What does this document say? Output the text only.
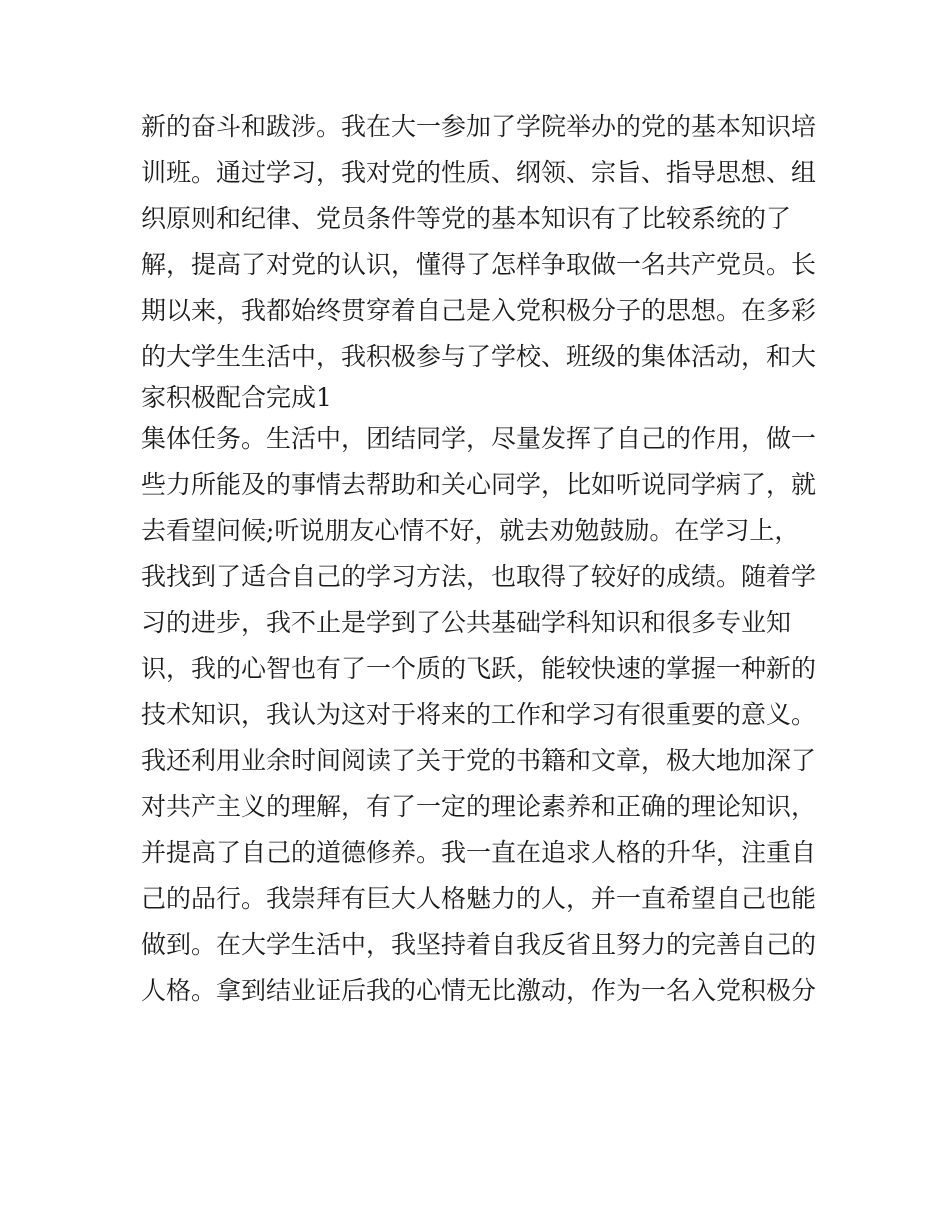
新的奋斗和跋涉。我在大一参加了学院举办的党的基本知识培
训班。通过学习，我对党的性质、纲领、宗旨、指导思想、组
织原则和纪律、党员条件等党的基本知识有了比较系统的了
解，提高了对党的认识，懂得了怎样争取做一名共产党员。长
期以来，我都始终贯穿着自己是入党积极分子的思想。在多彩
的大学生生活中，我积极参与了学校、班级的集体活动，和大
家积极配合完成1
集体任务。生活中，团结同学，尽量发挥了自己的作用，做一
些力所能及的事情去帮助和关心同学，比如听说同学病了，就
去看望问候;听说朋友心情不好，就去劝勉鼓励。在学习上，
我找到了适合自己的学习方法，也取得了较好的成绩。随着学
习的进步，我不止是学到了公共基础学科知识和很多专业知
识，我的心智也有了一个质的飞跃，能较快速的掌握一种新的
技术知识，我认为这对于将来的工作和学习有很重要的意义。
我还利用业余时间阅读了关于党的书籍和文章，极大地加深了
对共产主义的理解，有了一定的理论素养和正确的理论知识，
并提高了自己的道德修养。我一直在追求人格的升华，注重自
己的品行。我崇拜有巨大人格魅力的人，并一直希望自己也能
做到。在大学生活中，我坚持着自我反省且努力的完善自己的
人格。拿到结业证后我的心情无比激动，作为一名入党积极分
